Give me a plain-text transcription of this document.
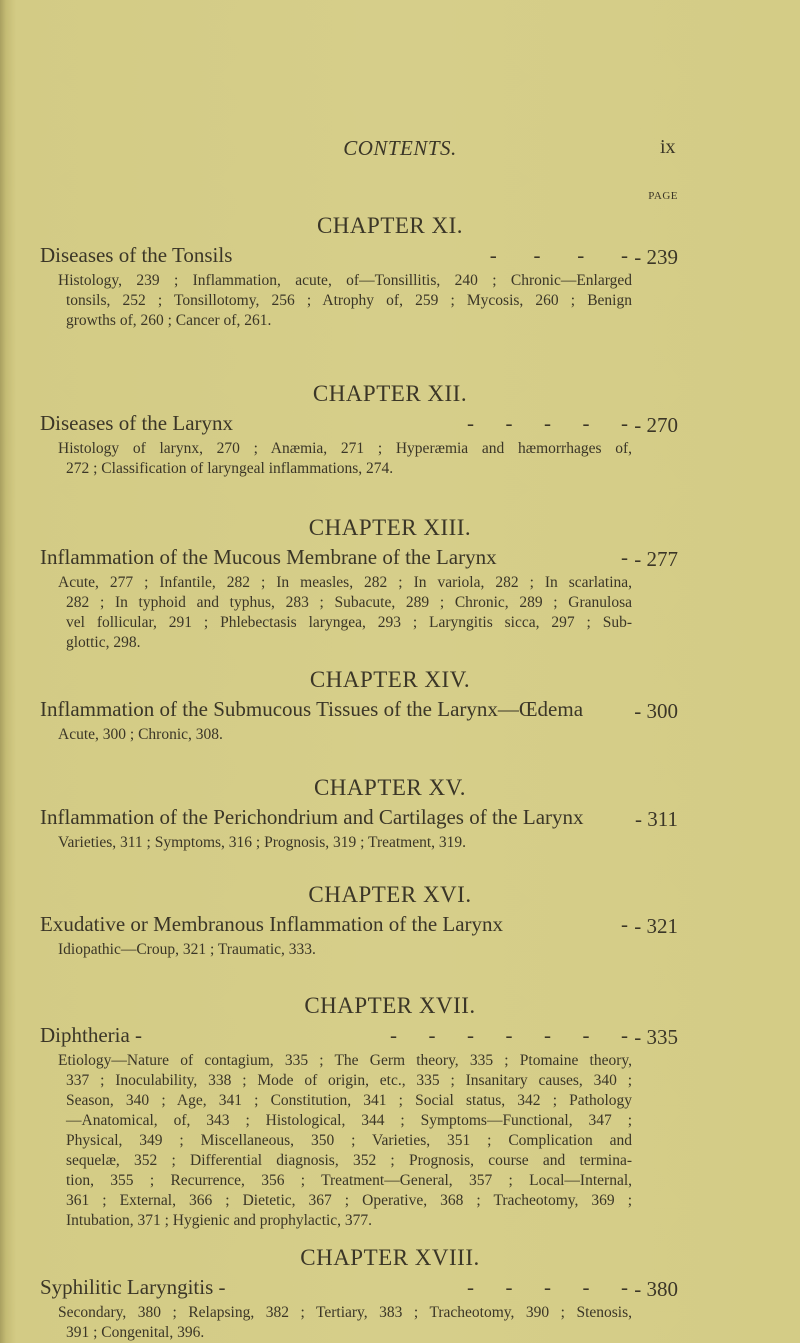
CONTENTS.	ix
PAGE
CHAPTER XI.
Diseases of the Tonsils	-       -       -       - - 239
Histology, 239 ; Inflammation, acute, of—Tonsillitis, 240 ; Chronic—Enlarged
tonsils, 252 ; Tonsillotomy, 256 ; Atrophy of, 259 ; Mycosis, 260 ; Benign
growths of, 260 ; Cancer of, 261.
CHAPTER XII.
Diseases of the Larynx	-      -      -      -      - - 270
Histology of larynx, 270 ; Anæmia, 271 ; Hyperæmia and hæmorrhages of,
272 ; Classification of laryngeal inflammations, 274.
CHAPTER XIII.
Inflammation of the Mucous Membrane of the Larynx	- - 277
Acute, 277 ; Infantile, 282 ; In measles, 282 ; In variola, 282 ; In scarlatina,
282 ; In typhoid and typhus, 283 ; Subacute, 289 ; Chronic, 289 ; Granulosa
vel follicular, 291 ; Phlebectasis laryngea, 293 ; Laryngitis sicca, 297 ; Sub-
glottic, 298.
CHAPTER XIV.
Inflammation of the Submucous Tissues of the Larynx—Œdema - 300
Acute, 300 ; Chronic, 308.
CHAPTER XV.
Inflammation of the Perichondrium and Cartilages of the Larynx - 311
Varieties, 311 ; Symptoms, 316 ; Prognosis, 319 ; Treatment, 319.
CHAPTER XVI.
Exudative or Membranous Inflammation of the Larynx	- - 321
Idiopathic—Croup, 321 ; Traumatic, 333.
CHAPTER XVII.
Diphtheria -	-      -      -      -      -      -      - - 335
Etiology—Nature of contagium, 335 ; The Germ theory, 335 ; Ptomaine theory,
337 ; Inoculability, 338 ; Mode of origin, etc., 335 ; Insanitary causes, 340 ;
Season, 340 ; Age, 341 ; Constitution, 341 ; Social status, 342 ; Pathology
—Anatomical, of, 343 ; Histological, 344 ; Symptoms—Functional, 347 ;
Physical, 349 ; Miscellaneous, 350 ; Varieties, 351 ; Complication and
sequelæ, 352 ; Differential diagnosis, 352 ; Prognosis, course and termina-
tion, 355 ; Recurrence, 356 ; Treatment—General, 357 ; Local—Internal,
361 ; External, 366 ; Dietetic, 367 ; Operative, 368 ; Tracheotomy, 369 ;
Intubation, 371 ; Hygienic and prophylactic, 377.
CHAPTER XVIII.
Syphilitic Laryngitis -	-      -      -      -      - - 380
Secondary, 380 ; Relapsing, 382 ; Tertiary, 383 ; Tracheotomy, 390 ; Stenosis,
391 ; Congenital, 396.
